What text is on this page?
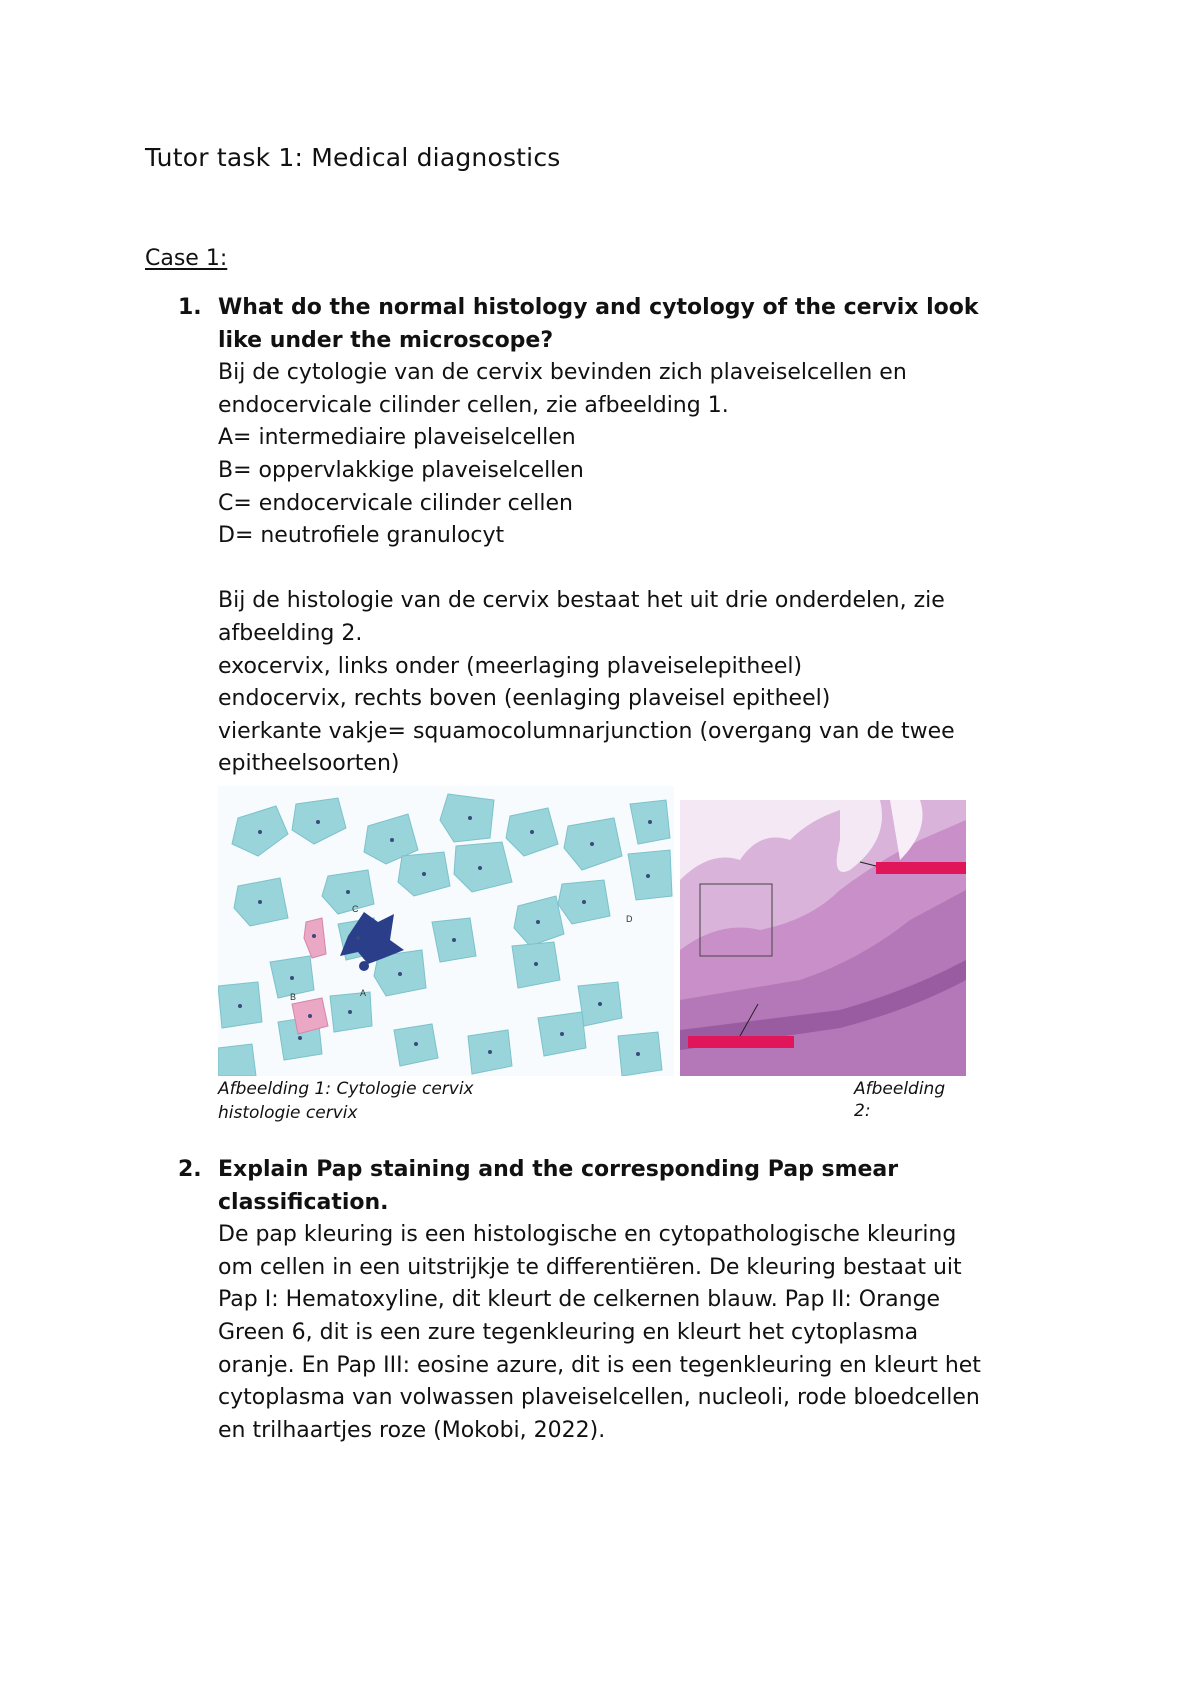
Tutor task 1: Medical diagnostics
Case 1:
1. What do the normal histology and cytology of the cervix look

like under the microscope?

Bij de cytologie van de cervix bevinden zich plaveiselcellen en

endocervicale cilinder cellen, zie afbeelding 1.

A= intermediaire plaveiselcellen

B= oppervlakkige plaveiselcellen

C= endocervicale cilinder cellen

D= neutrofiele granulocyt

Bij de histologie van de cervix bestaat het uit drie onderdelen, zie

afbeelding 2.

exocervix, links onder (meerlaging plaveiselepitheel)

endocervix, rechts boven (eenlaging plaveisel epitheel)

vierkante vakje= squamocolumnarjunction (overgang van de twee

epitheelsoorten)

C
D
B	A
Afbeelding 1: Cytologie cervix	Afbeelding 2:
histologie cervix
2. Explain Pap staining and the corresponding Pap smear

classification.

De pap kleuring is een histologische en cytopathologische kleuring

om cellen in een uitstrijkje te differentiëren. De kleuring bestaat uit

Pap I: Hematoxyline, dit kleurt de celkernen blauw. Pap II: Orange

Green 6, dit is een zure tegenkleuring en kleurt het cytoplasma

oranje. En Pap III: eosine azure, dit is een tegenkleuring en kleurt het

cytoplasma van volwassen plaveiselcellen, nucleoli, rode bloedcellen

en trilhaartjes roze (Mokobi, 2022).
